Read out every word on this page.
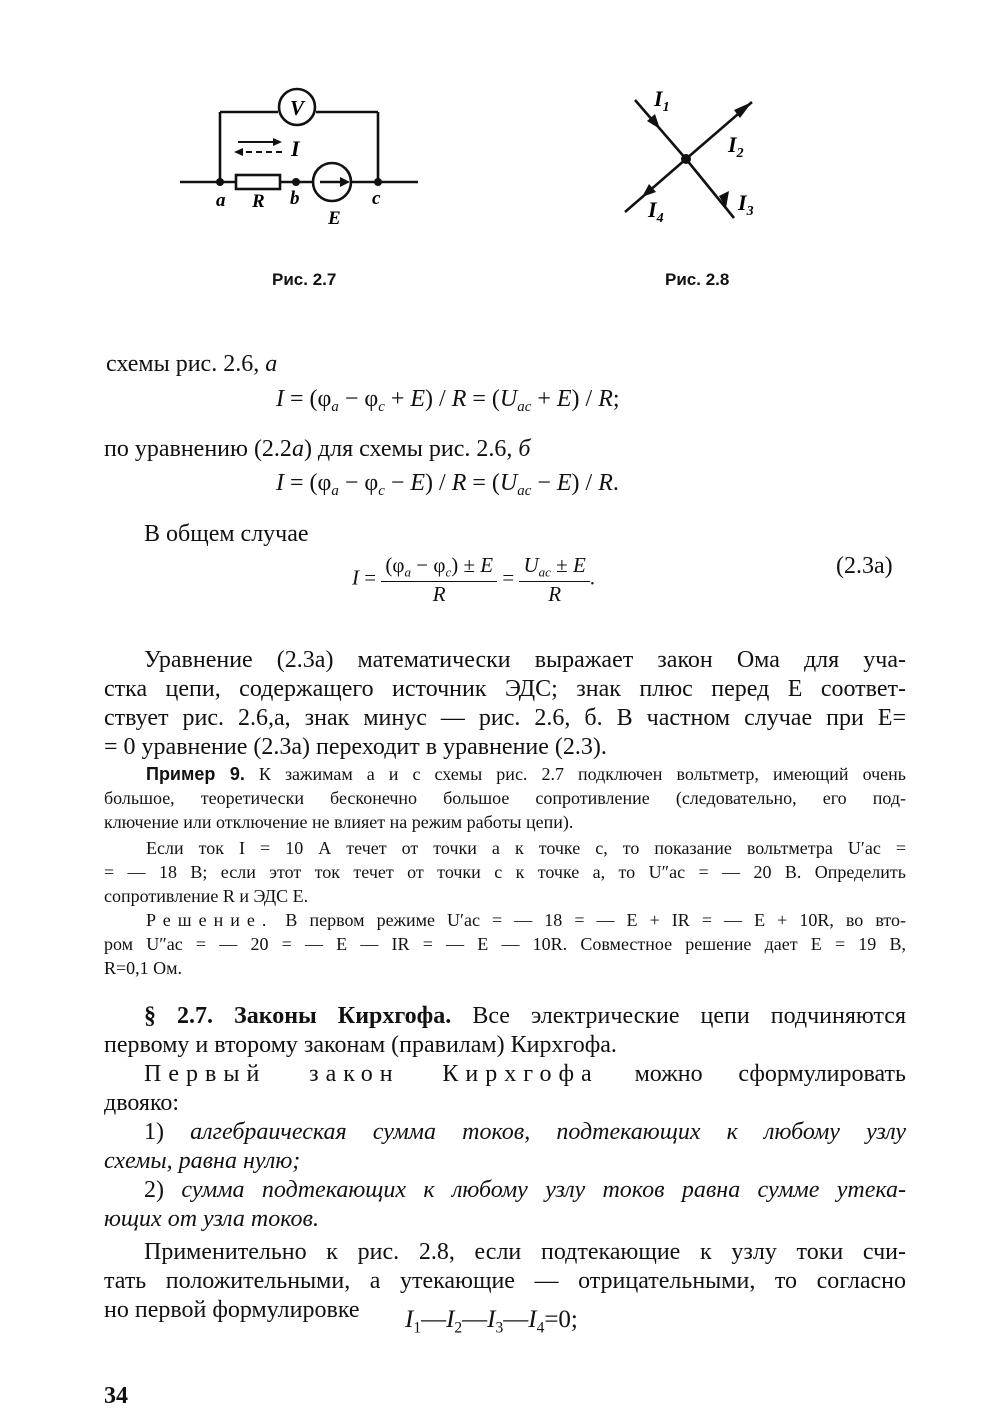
V
I
a R b
E
c
Рис. 2.7
$I_1$
$I_2$
$I_3$
$I_4$
Рис. 2.8
схемы рис. 2.6, а
$I = (\varphi_a - \varphi_c + E) / R = (U_{ac} + E) / R$;
по уравнению (2.2а) для схемы рис. 2.6, б
$I = (\varphi_a - \varphi_c - E) / R = (U_{ac} - E) / R$.
В общем случае
$I = \frac{(\varphi_a - \varphi_c) \pm E}{R} = \frac{U_{ac} \pm E}{R}$ .	(2.3а)
Уравнение (2.3а) математически выражает закон Ома для уча-
стка цепи, содержащего источник ЭДС; знак плюс перед E соответ-
ствует рис. 2.6,а, знак минус — рис. 2.6, б. В частном случае при E=
= 0 уравнение (2.3а) переходит в уравнение (2.3).
Пример 9. К зажимам a и c схемы рис. 2.7 подключен вольтметр, имеющий очень
большое, теоретически бесконечно большое сопротивление (следовательно, его под-
ключение или отключение не влияет на режим работы цепи).
Если ток I = 10 А течет от точки a к точке c, то показание вольтметра U′ac =
= — 18 В; если этот ток течет от точки c к точке a, то U″ac = — 20 В. Определить
сопротивление R и ЭДС E.
Решение. В первом режиме U′ac = — 18 = — E + IR = — E + 10R, во вто-
ром U″ac = — 20 = — E — IR = — E — 10R. Совместное решение дает E = 19 В,
R=0,1 Ом.
§ 2.7. Законы Кирхгофа. Все электрические цепи подчиняются
первому и второму законам (правилам) Кирхгофа.
Первый закон Кирхгофа можно сформулировать
двояко:
1) алгебраическая сумма токов, подтекающих к любому узлу
схемы, равна нулю;
2) сумма подтекающих к любому узлу токов равна сумме утека-
ющих от узла токов.
Применительно к рис. 2.8, если подтекающие к узлу токи счи-
тать положительными, а утекающие — отрицательными, то согласно
но первой формулировке	$I_1—I_2—I_3—I_4=0$;
34
